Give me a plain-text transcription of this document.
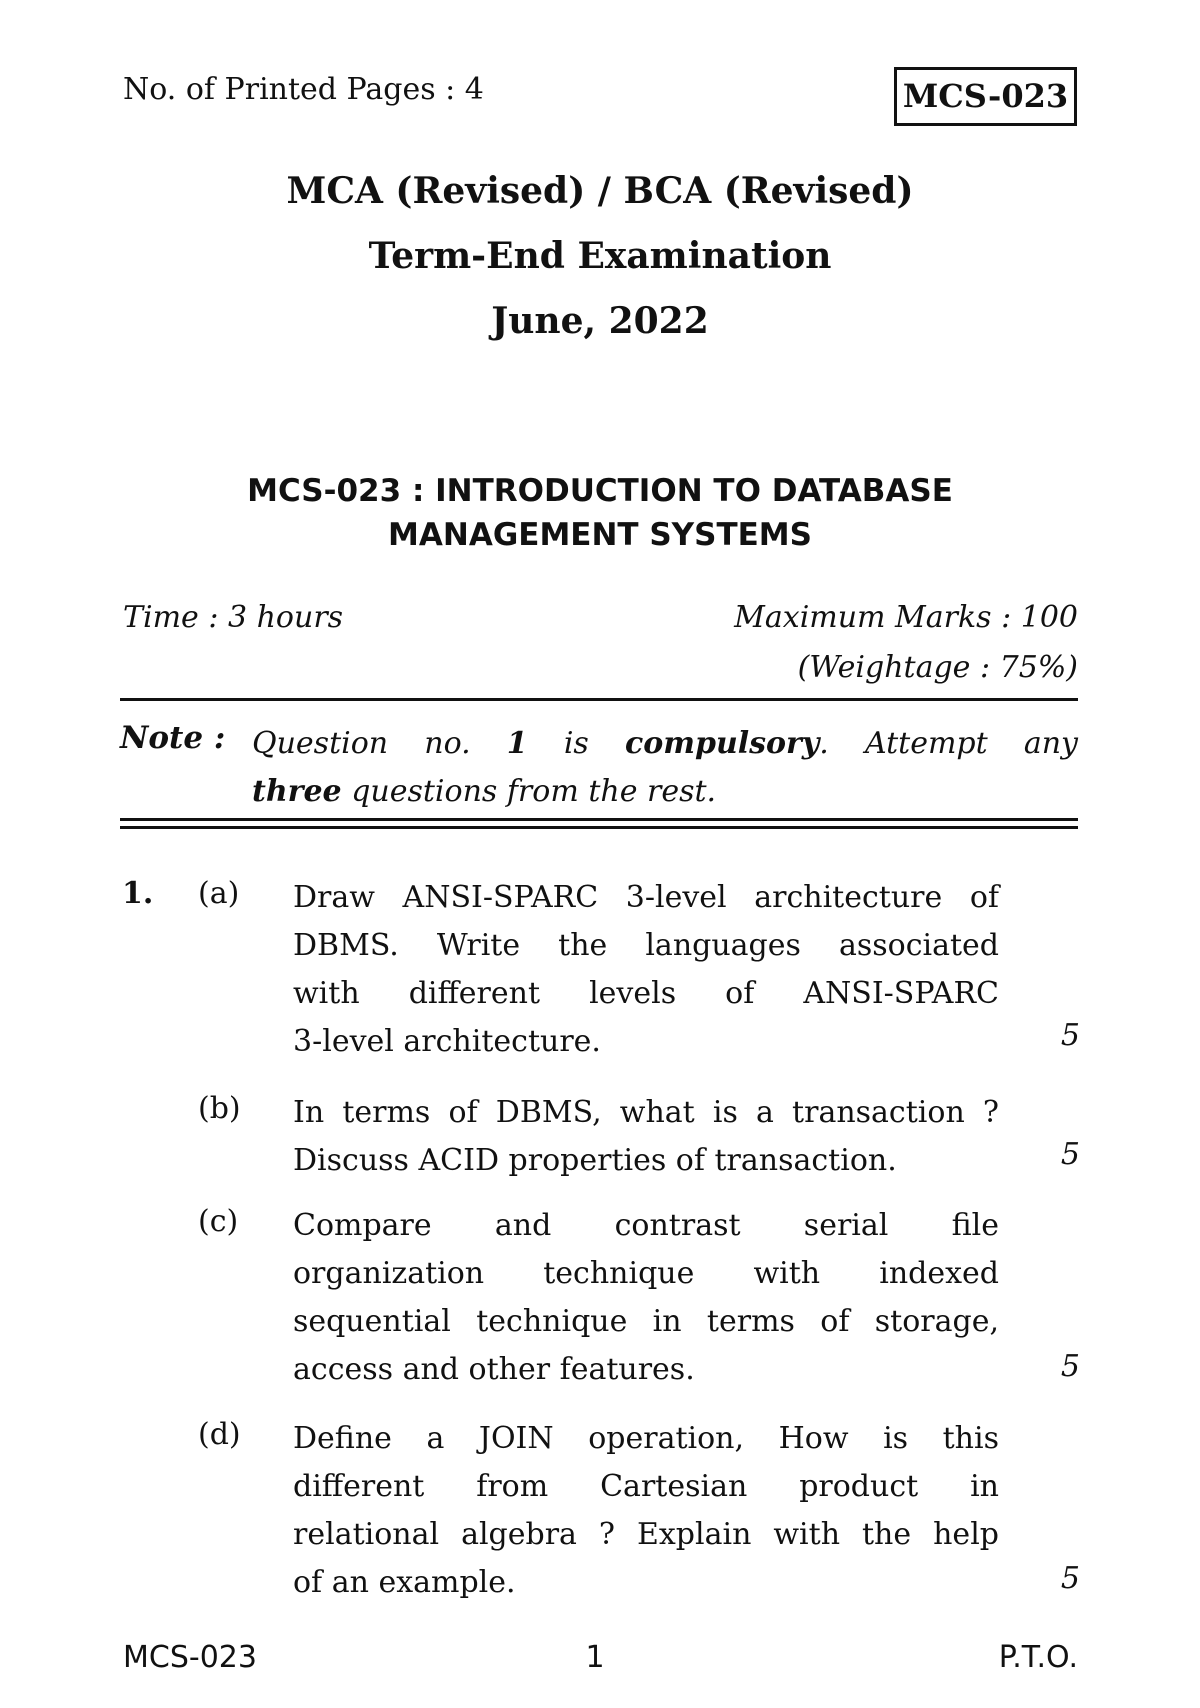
No. of Printed Pages : 4	MCS-023
MCA (Revised) / BCA (Revised)
Term-End Examination
June, 2022
MCS-023 : INTRODUCTION TO DATABASE
MANAGEMENT SYSTEMS
Time : 3 hours	Maximum Marks : 100
(Weightage : 75%)
Note : Question no. 1 is compulsory. Attempt any
three questions from the rest.
1. (a) Draw ANSI-SPARC 3-level architecture of
DBMS. Write the languages associated
with different levels of ANSI-SPARC
3-level architecture.	5
(b) In terms of DBMS, what is a transaction ?
Discuss ACID properties of transaction.	5
(c) Compare and contrast serial file
organization technique with indexed
sequential technique in terms of storage,
access and other features.	5
(d) Define a JOIN operation, How is this
different from Cartesian product in
relational algebra ? Explain with the help
of an example.	5
MCS-023	1	P.T.O.
